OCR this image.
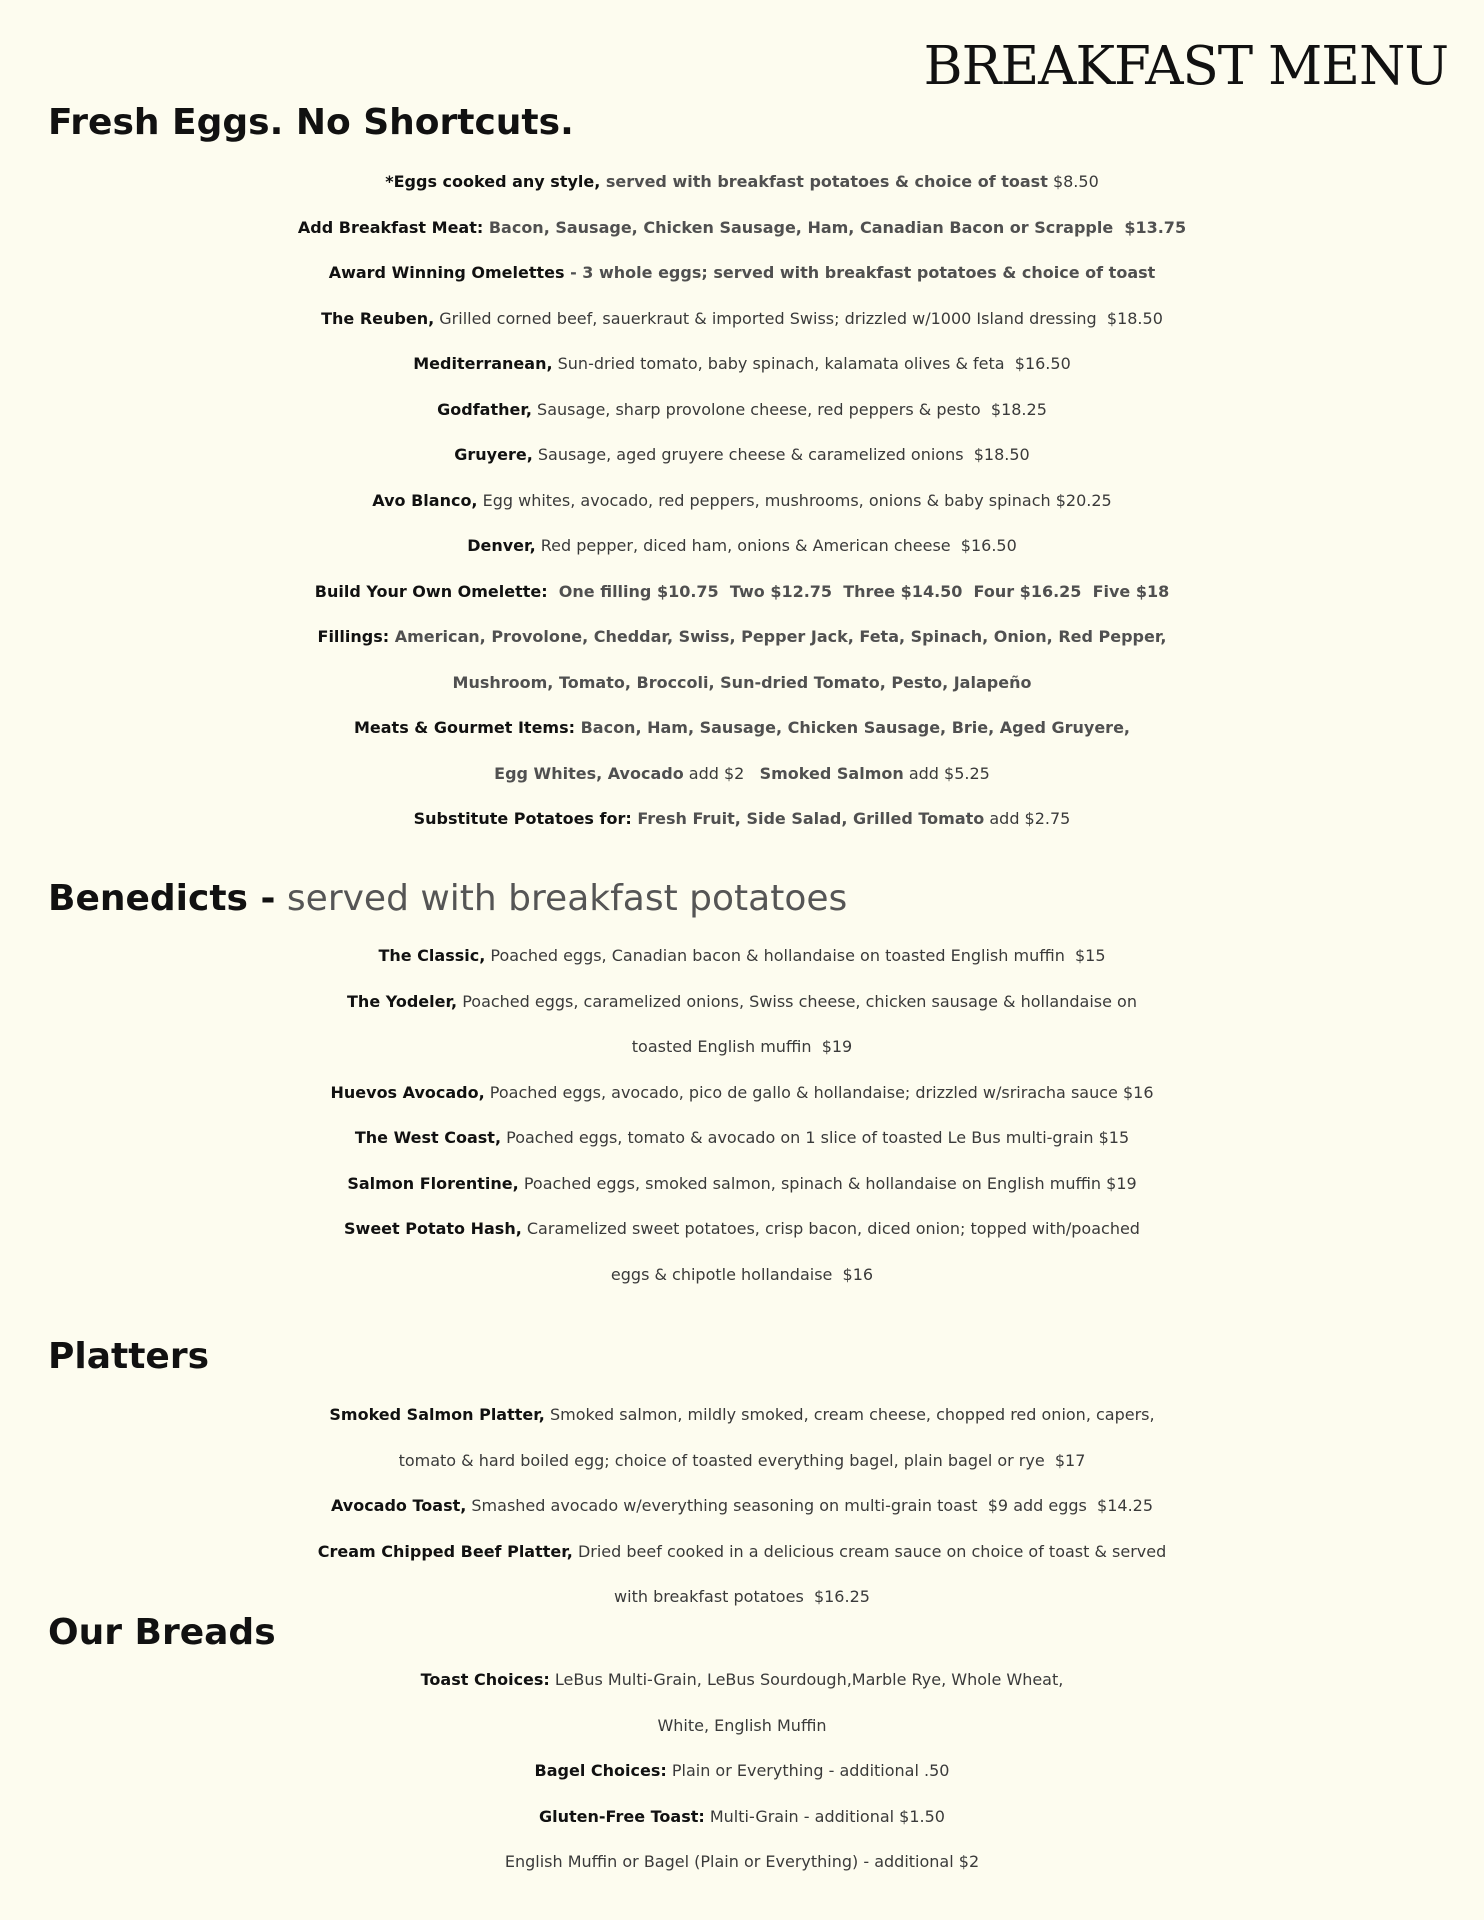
BREAKFAST MENU
Fresh Eggs. No Shortcuts.
*Eggs cooked any style, served with breakfast potatoes & choice of toast $8.50
Add Breakfast Meat: Bacon, Sausage, Chicken Sausage, Ham, Canadian Bacon or Scrapple  $13.75
Award Winning Omelettes - 3 whole eggs; served with breakfast potatoes & choice of toast
The Reuben, Grilled corned beef, sauerkraut & imported Swiss; drizzled w/1000 Island dressing  $18.50
Mediterranean, Sun-dried tomato, baby spinach, kalamata olives & feta  $16.50
Godfather, Sausage, sharp provolone cheese, red peppers & pesto  $18.25
Gruyere, Sausage, aged gruyere cheese & caramelized onions  $18.50
Avo Blanco, Egg whites, avocado, red peppers, mushrooms, onions & baby spinach $20.25
Denver, Red pepper, diced ham, onions & American cheese  $16.50
Build Your Own Omelette:  One filling $10.75  Two $12.75  Three $14.50  Four $16.25  Five $18
Fillings: American, Provolone, Cheddar, Swiss, Pepper Jack, Feta, Spinach, Onion, Red Pepper,
Mushroom, Tomato, Broccoli, Sun-dried Tomato, Pesto, Jalapeño
Meats & Gourmet Items: Bacon, Ham, Sausage, Chicken Sausage, Brie, Aged Gruyere,
Egg Whites, Avocado add $2   Smoked Salmon add $5.25
Substitute Potatoes for: Fresh Fruit, Side Salad, Grilled Tomato add $2.75
Benedicts - served with breakfast potatoes
The Classic, Poached eggs, Canadian bacon & hollandaise on toasted English muffin  $15
The Yodeler, Poached eggs, caramelized onions, Swiss cheese, chicken sausage & hollandaise on
toasted English muffin  $19
Huevos Avocado, Poached eggs, avocado, pico de gallo & hollandaise; drizzled w/sriracha sauce $16
The West Coast, Poached eggs, tomato & avocado on 1 slice of toasted Le Bus multi-grain $15
Salmon Florentine, Poached eggs, smoked salmon, spinach & hollandaise on English muffin $19
Sweet Potato Hash, Caramelized sweet potatoes, crisp bacon, diced onion; topped with/poached
eggs & chipotle hollandaise  $16
Platters
Smoked Salmon Platter, Smoked salmon, mildly smoked, cream cheese, chopped red onion, capers,
tomato & hard boiled egg; choice of toasted everything bagel, plain bagel or rye  $17
Avocado Toast, Smashed avocado w/everything seasoning on multi-grain toast  $9 add eggs  $14.25
Cream Chipped Beef Platter, Dried beef cooked in a delicious cream sauce on choice of toast & served
with breakfast potatoes  $16.25
Our Breads
Toast Choices: LeBus Multi-Grain, LeBus Sourdough,Marble Rye, Whole Wheat,
White, English Muffin
Bagel Choices: Plain or Everything - additional .50
Gluten-Free Toast: Multi-Grain - additional $1.50
English Muffin or Bagel (Plain or Everything) - additional $2
